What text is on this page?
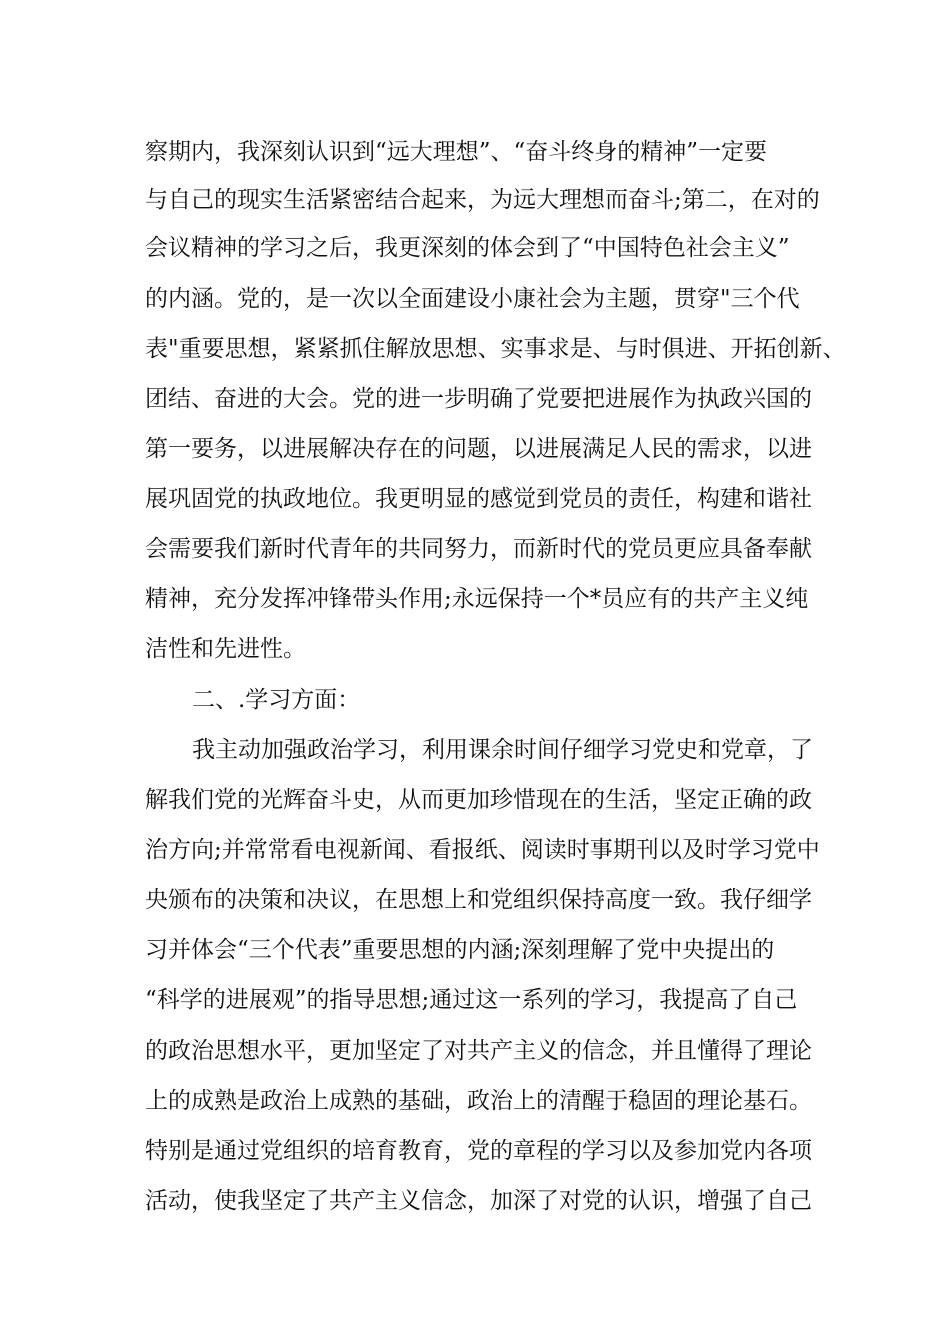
察期内，我深刻认识到“远大理想”、“奋斗终身的精神”一定要
与自己的现实生活紧密结合起来，为远大理想而奋斗;第二，在对的
会议精神的学习之后，我更深刻的体会到了“中国特色社会主义”
的内涵。党的，是一次以全面建设小康社会为主题，贯穿"三个代
表"重要思想，紧紧抓住解放思想、实事求是、与时俱进、开拓创新、
团结、奋进的大会。党的进一步明确了党要把进展作为执政兴国的
第一要务，以进展解决存在的问题，以进展满足人民的需求，以进
展巩固党的执政地位。我更明显的感觉到党员的责任，构建和谐社
会需要我们新时代青年的共同努力，而新时代的党员更应具备奉献
精神，充分发挥冲锋带头作用;永远保持一个*员应有的共产主义纯
洁性和先进性。
二、.学习方面：
我主动加强政治学习，利用课余时间仔细学习党史和党章，了
解我们党的光辉奋斗史，从而更加珍惜现在的生活，坚定正确的政
治方向;并常常看电视新闻、看报纸、阅读时事期刊以及时学习党中
央颁布的决策和决议，在思想上和党组织保持高度一致。我仔细学
习并体会“三个代表”重要思想的内涵;深刻理解了党中央提出的
“科学的进展观”的指导思想;通过这一系列的学习，我提高了自己
的政治思想水平，更加坚定了对共产主义的信念，并且懂得了理论
上的成熟是政治上成熟的基础，政治上的清醒于稳固的理论基石。
特别是通过党组织的培育教育，党的章程的学习以及参加党内各项
活动，使我坚定了共产主义信念，加深了对党的认识，增强了自己
